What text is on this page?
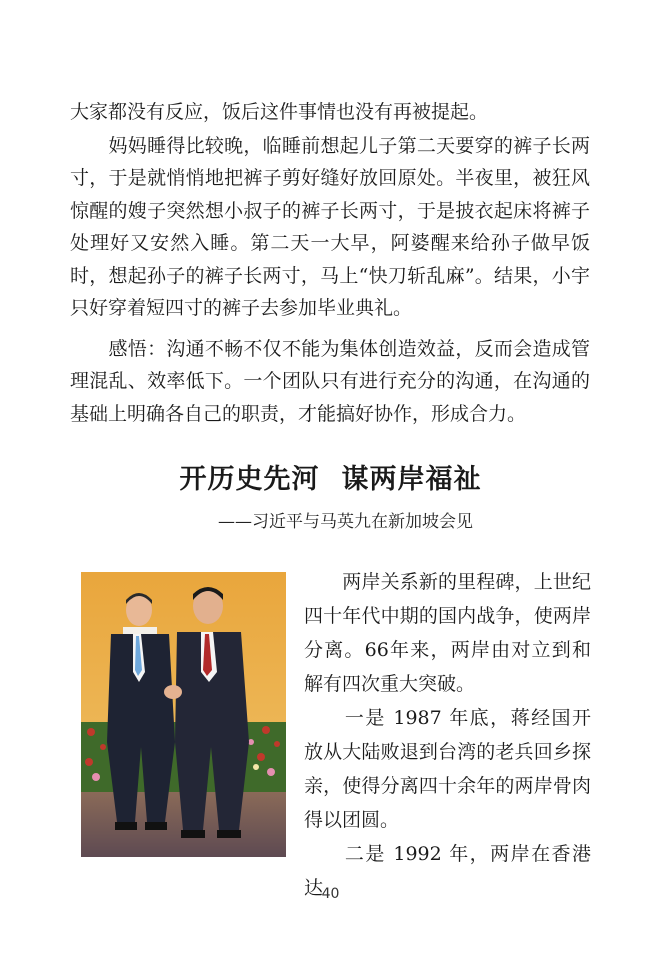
大家都没有反应，饭后这件事情也没有再被提起。

　　妈妈睡得比较晚，临睡前想起儿子第二天要穿的裤子长两寸，于是就悄悄地把裤子剪好缝好放回原处。半夜里，被狂风惊醒的嫂子突然想小叔子的裤子长两寸，于是披衣起床将裤子处理好又安然入睡。第二天一大早，阿婆醒来给孙子做早饭时，想起孙子的裤子长两寸，马上“快刀斩乱麻”。结果，小宇只好穿着短四寸的裤子去参加毕业典礼。

　　感悟：沟通不畅不仅不能为集体创造效益，反而会造成管理混乱、效率低下。一个团队只有进行充分的沟通，在沟通的基础上明确各自己的职责，才能搞好协作，形成合力。

开历史先河 谋两岸福祉

——习近平与马英九在新加坡会见

　　两岸关系新的里程碑，上世纪四十年代中期的国内战争，使两岸分离。66年来，两岸由对立到和解有四次重大突破。

　　一是 1987 年底，蒋经国开放从大陆败退到台湾的老兵回乡探亲，使得分离四十余年的两岸骨肉得以团圆。

　　二是 1992 年，两岸在香港达

40
